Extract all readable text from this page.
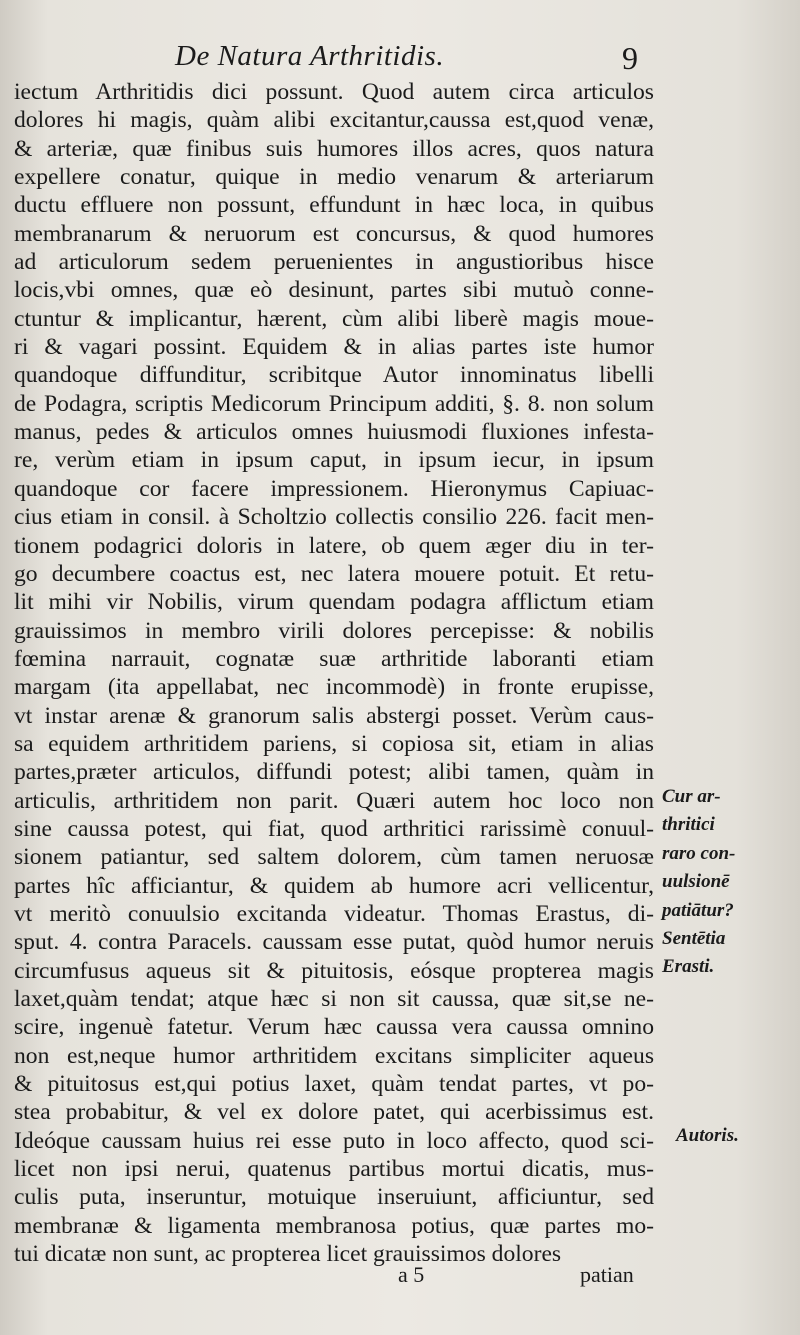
De Natura Arthritidis.	9
iectum Arthritidis dici possunt. Quod autem circa articulos
dolores hi magis, quàm alibi excitantur,caussa est,quod venæ,
& arteriæ, quæ finibus suis humores illos acres, quos natura
expellere conatur, quique in medio venarum & arteriarum
ductu effluere non possunt, effundunt in hæc loca, in quibus
membranarum & neruorum est concursus, & quod humores
ad articulorum sedem peruenientes in angustioribus hisce
locis,vbi omnes, quæ eò desinunt, partes sibi mutuò conne-
ctuntur & implicantur, hærent, cùm alibi liberè magis moue-
ri & vagari possint. Equidem & in alias partes iste humor
quandoque diffunditur, scribitque Autor innominatus libelli
de Podagra, scriptis Medicorum Principum additi, §. 8. non solum
manus, pedes & articulos omnes huiusmodi fluxiones infesta-
re, verùm etiam in ipsum caput, in ipsum iecur, in ipsum
quandoque cor facere impressionem. Hieronymus Capiuac-
cius etiam in consil. à Scholtzio collectis consilio 226. facit men-
tionem podagrici doloris in latere, ob quem æger diu in ter-
go decumbere coactus est, nec latera mouere potuit. Et retu-
lit mihi vir Nobilis, virum quendam podagra afflictum etiam
grauissimos in membro virili dolores percepisse: & nobilis
fœmina narrauit, cognatæ suæ arthritide laboranti etiam
margam (ita appellabat, nec incommodè) in fronte erupisse,
vt instar arenæ & granorum salis abstergi posset. Verùm caus-
sa equidem arthritidem pariens, si copiosa sit, etiam in alias
partes,præter articulos, diffundi potest; alibi tamen, quàm in
articulis, arthritidem non parit. Quæri autem hoc loco non
sine caussa potest, qui fiat, quod arthritici rarissimè conuul-
sionem patiantur, sed saltem dolorem, cùm tamen neruosæ
partes hîc afficiantur, & quidem ab humore acri vellicentur,
vt meritò conuulsio excitanda videatur. Thomas Erastus, di-
sput. 4. contra Paracels. caussam esse putat, quòd humor neruis
circumfusus aqueus sit & pituitosis, eósque propterea magis
laxet,quàm tendat; atque hæc si non sit caussa, quæ sit,se ne-
scire, ingenuè fatetur. Verum hæc caussa vera caussa omnino
non est,neque humor arthritidem excitans simpliciter aqueus
& pituitosus est,qui potius laxet, quàm tendat partes, vt po-
stea probabitur, & vel ex dolore patet, qui acerbissimus est.
Ideóque caussam huius rei esse puto in loco affecto, quod sci-
licet non ipsi nerui, quatenus partibus mortui dicatis, mus-
culis puta, inseruntur, motuique inseruiunt, afficiuntur, sed
membranæ & ligamenta membranosa potius, quæ partes mo-
tui dicatæ non sunt, ac propterea licet grauissimos dolores
Cur ar-
thritici
raro con-
uulsionē
patiātur?
Sentētia Erasti.
Autoris.
a 5	patian
